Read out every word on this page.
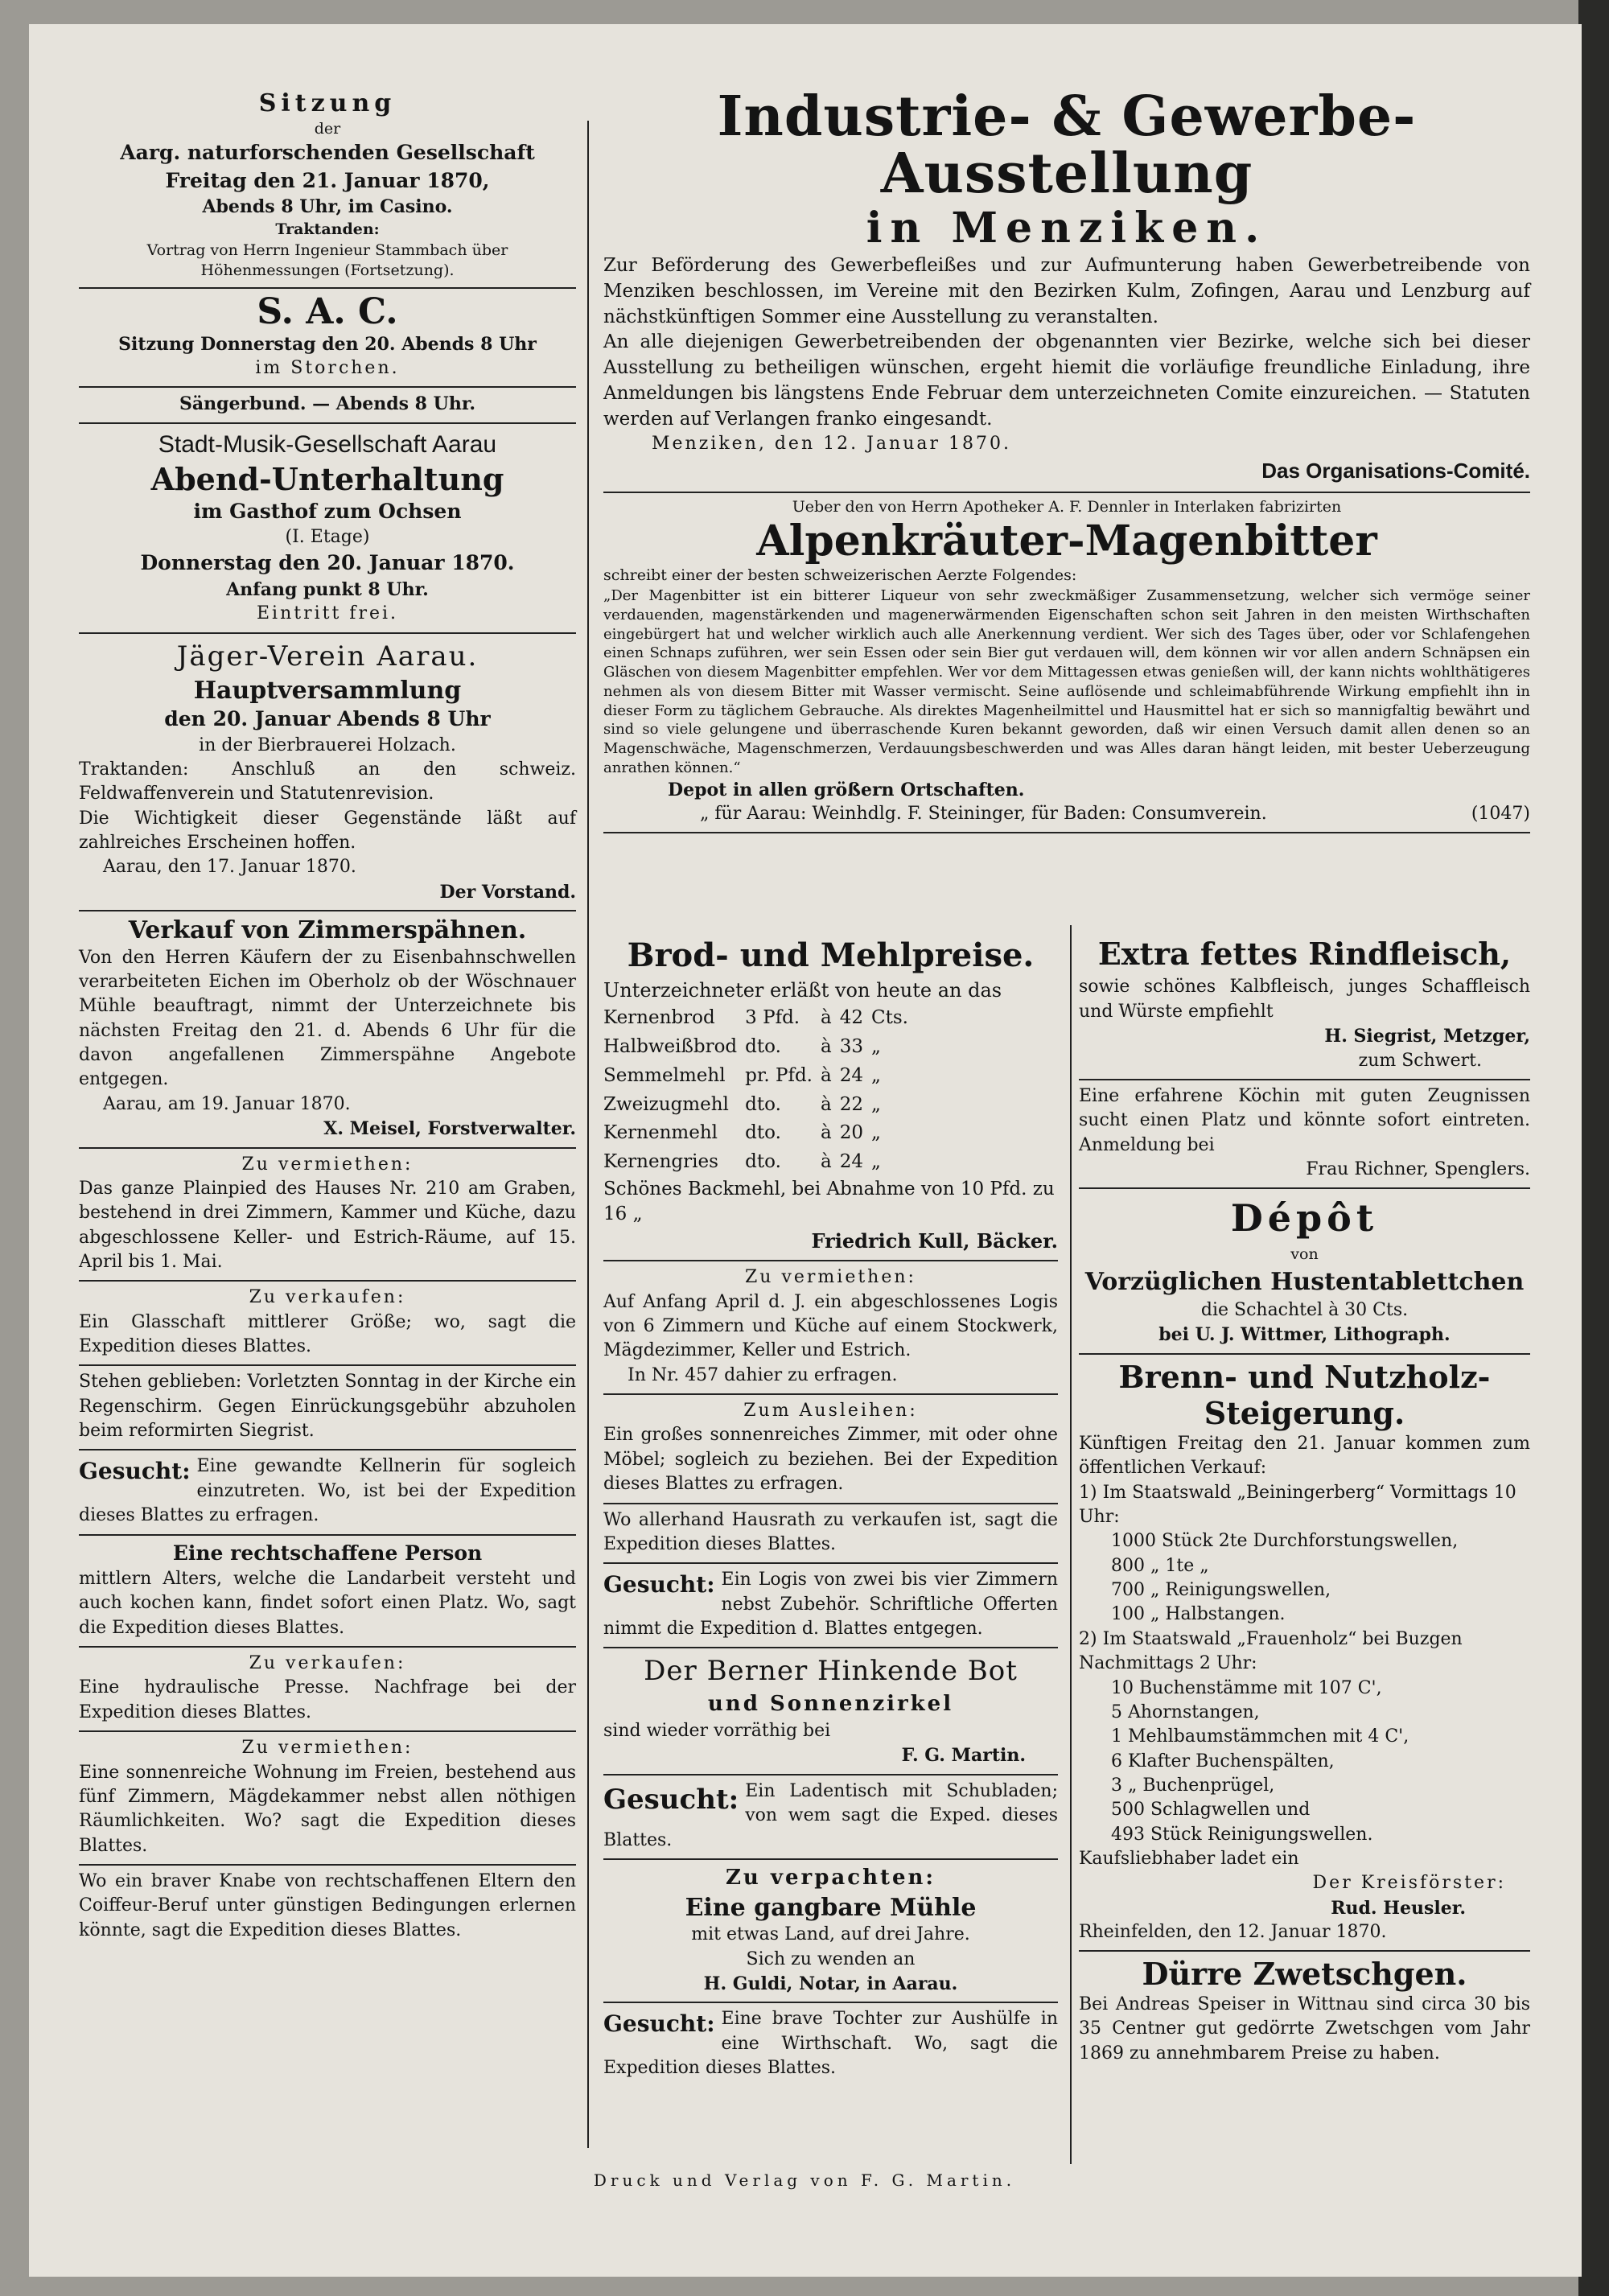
Sitzung
der
Aarg. naturforschenden Gesellschaft
Freitag den 21. Januar 1870,
Abends 8 Uhr, im Casino.
Traktanden:
Vortrag von Herrn Ingenieur Stammbach über Höhenmessungen (Fortsetzung).
S. A. C.
Sitzung Donnerstag den 20. Abends 8 Uhr
im Storchen.
Sängerbund. — Abends 8 Uhr.
Stadt-Musik-Gesellschaft Aarau
Abend-Unterhaltung
im Gasthof zum Ochsen
(I. Etage)
Donnerstag den 20. Januar 1870.
Anfang punkt 8 Uhr.
Eintritt frei.
Jäger-Verein Aarau.
Hauptversammlung
den 20. Januar Abends 8 Uhr
in der Bierbrauerei Holzach.
Traktanden: Anschluß an den schweiz. Feldwaffenverein und Statutenrevision.
Die Wichtigkeit dieser Gegenstände läßt auf zahlreiches Erscheinen hoffen.
Aarau, den 17. Januar 1870.
Der Vorstand.
Verkauf von Zimmerspähnen.
Von den Herren Käufern der zu Eisenbahnschwellen verarbeiteten Eichen im Oberholz ob der Wöschnauer Mühle beauftragt, nimmt der Unterzeichnete bis nächsten Freitag den 21. d. Abends 6 Uhr für die davon angefallenen Zimmerspähne Angebote entgegen.
Aarau, am 19. Januar 1870.
X. Meisel, Forstverwalter.
Zu vermiethen:
Das ganze Plainpied des Hauses Nr. 210 am Graben, bestehend in drei Zimmern, Kammer und Küche, dazu abgeschlossene Keller- und Estrich-Räume, auf 15. April bis 1. Mai.
Zu verkaufen:
Ein Glasschaft mittlerer Größe; wo, sagt die Expedition dieses Blattes.
Stehen geblieben: Vorletzten Sonntag in der Kirche ein Regenschirm. Gegen Einrückungsgebühr abzuholen beim reformirten Siegrist.
Gesucht: Eine gewandte Kellnerin für sogleich einzutreten. Wo, ist bei der Expedition dieses Blattes zu erfragen.
Eine rechtschaffene Person
mittlern Alters, welche die Landarbeit versteht und auch kochen kann, findet sofort einen Platz. Wo, sagt die Expedition dieses Blattes.
Zu verkaufen:
Eine hydraulische Presse. Nachfrage bei der Expedition dieses Blattes.
Zu vermiethen:
Eine sonnenreiche Wohnung im Freien, bestehend aus fünf Zimmern, Mägdekammer nebst allen nöthigen Räumlichkeiten. Wo? sagt die Expedition dieses Blattes.
Wo ein braver Knabe von rechtschaffenen Eltern den Coiffeur-Beruf unter günstigen Bedingungen erlernen könnte, sagt die Expedition dieses Blattes.
Industrie- & Gewerbe-Ausstellung
in Menziken.
Zur Beförderung des Gewerbefleißes und zur Aufmunterung haben Gewerbetreibende von Menziken beschlossen, im Vereine mit den Bezirken Kulm, Zofingen, Aarau und Lenzburg auf nächstkünftigen Sommer eine Ausstellung zu veranstalten.
An alle diejenigen Gewerbetreibenden der obgenannten vier Bezirke, welche sich bei dieser Ausstellung zu betheiligen wünschen, ergeht hiemit die vorläufige freundliche Einladung, ihre Anmeldungen bis längstens Ende Februar dem unterzeichneten Comite einzureichen. — Statuten werden auf Verlangen franko eingesandt.
Menziken, den 12. Januar 1870.
Das Organisations-Comité.
Ueber den von Herrn Apotheker A. F. Dennler in Interlaken fabrizirten
Alpenkräuter-Magenbitter
schreibt einer der besten schweizerischen Aerzte Folgendes:
„Der Magenbitter ist ein bitterer Liqueur von sehr zweckmäßiger Zusammensetzung, welcher sich vermöge seiner verdauenden, magenstärkenden und magenerwärmenden Eigenschaften schon seit Jahren in den meisten Wirthschaften eingebürgert hat und welcher wirklich auch alle Anerkennung verdient. Wer sich des Tages über, oder vor Schlafengehen einen Schnaps zuführen, wer sein Essen oder sein Bier gut verdauen will, dem können wir vor allen andern Schnäpsen ein Gläschen von diesem Magenbitter empfehlen. Wer vor dem Mittagessen etwas genießen will, der kann nichts wohlthätigeres nehmen als von diesem Bitter mit Wasser vermischt. Seine auflösende und schleimabführende Wirkung empfiehlt ihn in dieser Form zu täglichem Gebrauche. Als direktes Magenheilmittel und Hausmittel hat er sich so mannigfaltig bewährt und sind so viele gelungene und überraschende Kuren bekannt geworden, daß wir einen Versuch damit allen denen so an Magenschwäche, Magenschmerzen, Verdauungsbeschwerden und was Alles daran hängt leiden, mit bester Ueberzeugung anrathen können.“
Depot in allen größern Ortschaften.
„ für Aarau: Weinhdlg. F. Steininger, für Baden: Consumverein.	(1047)
Brod- und Mehlpreise.
Unterzeichneter erläßt von heute an das
Kernenbrod	3 Pfd.	à	42	Cts.
Halbweißbrod	dto.	à	33	„
Semmelmehl	pr. Pfd.	à	24	„
Zweizugmehl	dto.	à	22	„
Kernenmehl	dto.	à	20	„
Kernengries	dto.	à	24	„
Schönes Backmehl, bei Abnahme von 10 Pfd. zu 16 „
Friedrich Kull, Bäcker.
Zu vermiethen:
Auf Anfang April d. J. ein abgeschlossenes Logis von 6 Zimmern und Küche auf einem Stockwerk, Mägdezimmer, Keller und Estrich.
In Nr. 457 dahier zu erfragen.
Zum Ausleihen:
Ein großes sonnenreiches Zimmer, mit oder ohne Möbel; sogleich zu beziehen. Bei der Expedition dieses Blattes zu erfragen.
Wo allerhand Hausrath zu verkaufen ist, sagt die Expedition dieses Blattes.
Gesucht: Ein Logis von zwei bis vier Zimmern nebst Zubehör. Schriftliche Offerten nimmt die Expedition d. Blattes entgegen.
Der Berner Hinkende Bot
und Sonnenzirkel
sind wieder vorräthig bei
F. G. Martin.
Gesucht: Ein Ladentisch mit Schubladen; von wem sagt die Exped. dieses Blattes.
Zu verpachten:
Eine gangbare Mühle
mit etwas Land, auf drei Jahre.
Sich zu wenden an
H. Guldi, Notar, in Aarau.
Gesucht: Eine brave Tochter zur Aushülfe in eine Wirthschaft. Wo, sagt die Expedition dieses Blattes.
Extra fettes Rindfleisch,
sowie schönes Kalbfleisch, junges Schaffleisch und Würste empfiehlt
H. Siegrist, Metzger,
zum Schwert.
Eine erfahrene Köchin mit guten Zeugnissen sucht einen Platz und könnte sofort eintreten. Anmeldung bei
Frau Richner, Spenglers.
Dépôt
von
Vorzüglichen Hustentablettchen
die Schachtel à 30 Cts.
bei U. J. Wittmer, Lithograph.
Brenn- und Nutzholz-
Steigerung.
Künftigen Freitag den 21. Januar kommen zum öffentlichen Verkauf:
1) Im Staatswald „Beiningerberg“ Vormittags 10 Uhr:
1000 Stück 2te Durchforstungswellen,
800 „ 1te „
700 „ Reinigungswellen,
100 „ Halbstangen.
2) Im Staatswald „Frauenholz“ bei Buzgen Nachmittags 2 Uhr:
10 Buchenstämme mit 107 C',
5 Ahornstangen,
1 Mehlbaumstämmchen mit 4 C',
6 Klafter Buchenspälten,
3 „ Buchenprügel,
500 Schlagwellen und
493 Stück Reinigungswellen.
Kaufsliebhaber ladet ein
Der Kreisförster:
Rud. Heusler.
Rheinfelden, den 12. Januar 1870.
Dürre Zwetschgen.
Bei Andreas Speiser in Wittnau sind circa 30 bis 35 Centner gut gedörrte Zwetschgen vom Jahr 1869 zu annehmbarem Preise zu haben.
Druck und Verlag von F. G. Martin.
